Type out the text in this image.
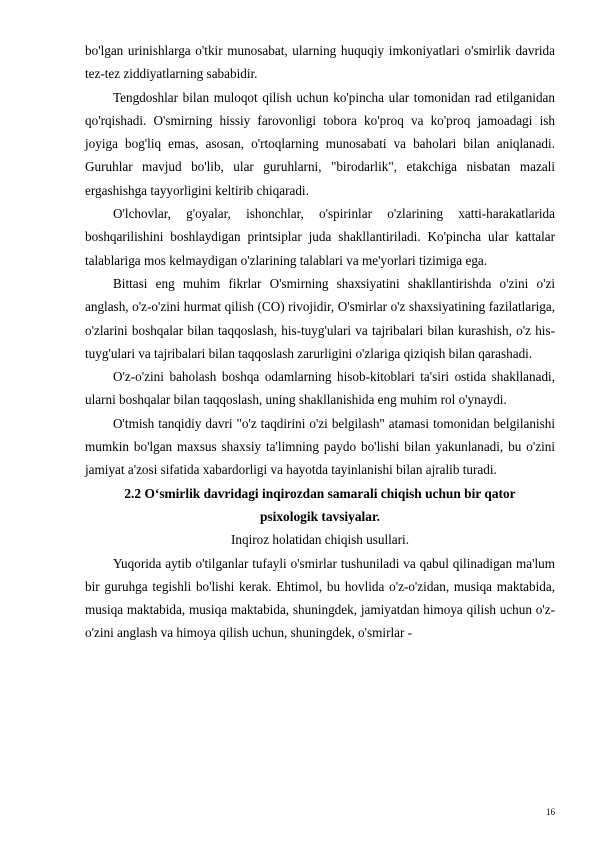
bo'lgan urinishlarga o'tkir munosabat, ularning huquqiy imkoniyatlari o'smirlik davrida tez-tez ziddiyatlarning sababidir.

Tengdoshlar bilan muloqot qilish uchun ko'pincha ular tomonidan rad etilganidan qo'rqishadi. O'smirning hissiy farovonligi tobora ko'proq va ko'proq jamoadagi ish joyiga bog'liq emas, asosan, o'rtoqlarning munosabati va baholari bilan aniqlanadi. Guruhlar mavjud bo'lib, ular guruhlarni, "birodarlik", etakchiga nisbatan mazali ergashishga tayyorligini keltirib chiqaradi.

O'lchovlar, g'oyalar, ishonchlar, o'spirinlar o'zlarining xatti-harakatlarida boshqarilishini boshlaydigan printsiplar juda shakllantiriladi. Ko'pincha ular kattalar talablariga mos kelmaydigan o'zlarining talablari va me'yorlari tizimiga ega.

Bittasi eng muhim fikrlar O'smirning shaxsiyatini shakllantirishda o'zini o'zi anglash, o'z-o'zini hurmat qilish (CO) rivojidir, O'smirlar o'z shaxsiyatining fazilatlariga, o'zlarini boshqalar bilan taqqoslash, his-tuyg'ulari va tajribalari bilan kurashish, o'z his-tuyg'ulari va tajribalari bilan taqqoslash zarurligini o'zlariga qiziqish bilan qarashadi.

O'z-o'zini baholash boshqa odamlarning hisob-kitoblari ta'siri ostida shakllanadi, ularni boshqalar bilan taqqoslash, uning shakllanishida eng muhim rol o'ynaydi.

O'tmish tanqidiy davri "o'z taqdirini o'zi belgilash" atamasi tomonidan belgilanishi mumkin bo'lgan maxsus shaxsiy ta'limning paydo bo'lishi bilan yakunlanadi, bu o'zini jamiyat a'zosi sifatida xabardorligi va hayotda tayinlanishi bilan ajralib turadi.

2.2 O‘smirlik davridagi inqirozdan samarali chiqish uchun bir qator
psixologik tavsiyalar.

Inqiroz holatidan chiqish usullari.

Yuqorida aytib o'tilganlar tufayli o'smirlar tushuniladi va qabul qilinadigan ma'lum bir guruhga tegishli bo'lishi kerak. Ehtimol, bu hovlida o'z-o'zidan, musiqa maktabida, musiqa maktabida, musiqa maktabida, shuningdek, jamiyatdan himoya qilish uchun o'z-o'zini anglash va himoya qilish uchun, shuningdek, o'smirlar -

16
